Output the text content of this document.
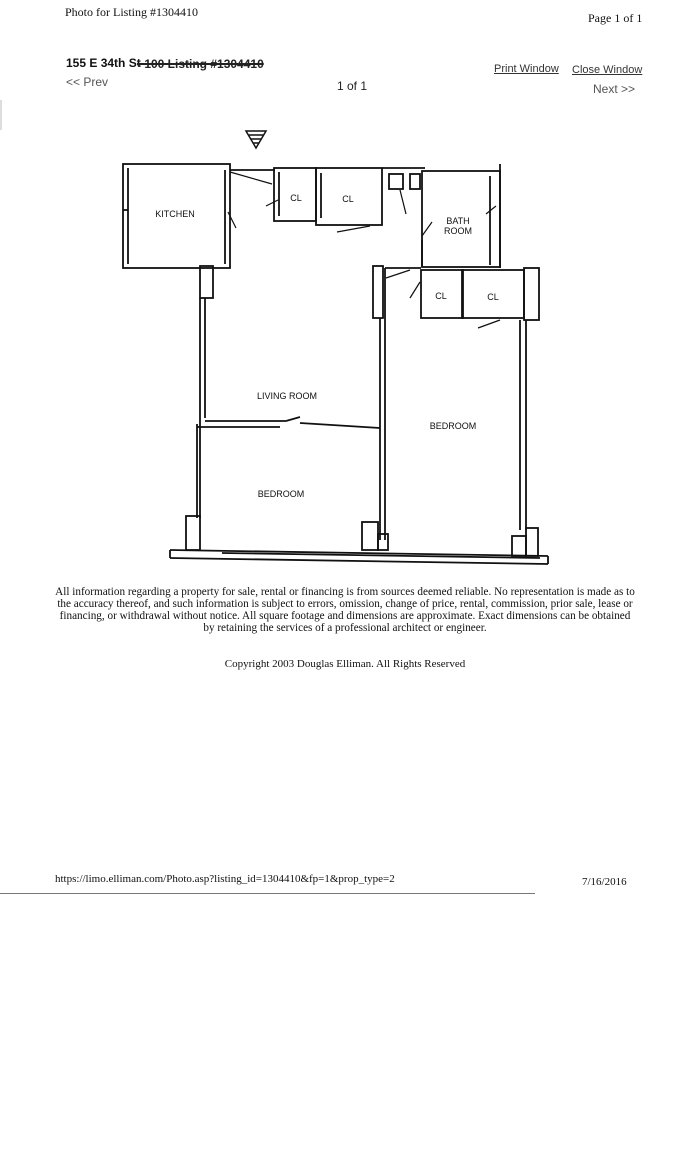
Photo for Listing #1304410	Page 1 of 1
155 E 34th St
- 100 Listing #1304410	Print Window Close Window
<< Prev	1 of 1	Next >>
KITCHEN
CL	CL
BATH
ROOM
CL	CL
LIVING ROOM
BEDROOM
BEDROOM
All information regarding a property for sale, rental or financing is from sources deemed reliable. No representation is made as to the accuracy thereof, and such information is subject to errors, omission, change of price, rental, commission, prior sale, lease or financing, or withdrawal without notice. All square footage and dimensions are approximate. Exact dimensions can be obtained by retaining the services of a professional architect or engineer.
Copyright 2003 Douglas Elliman. All Rights Reserved
https://limo.elliman.com/Photo.asp?listing_id=1304410&fp=1&prop_type=2	7/16/2016
